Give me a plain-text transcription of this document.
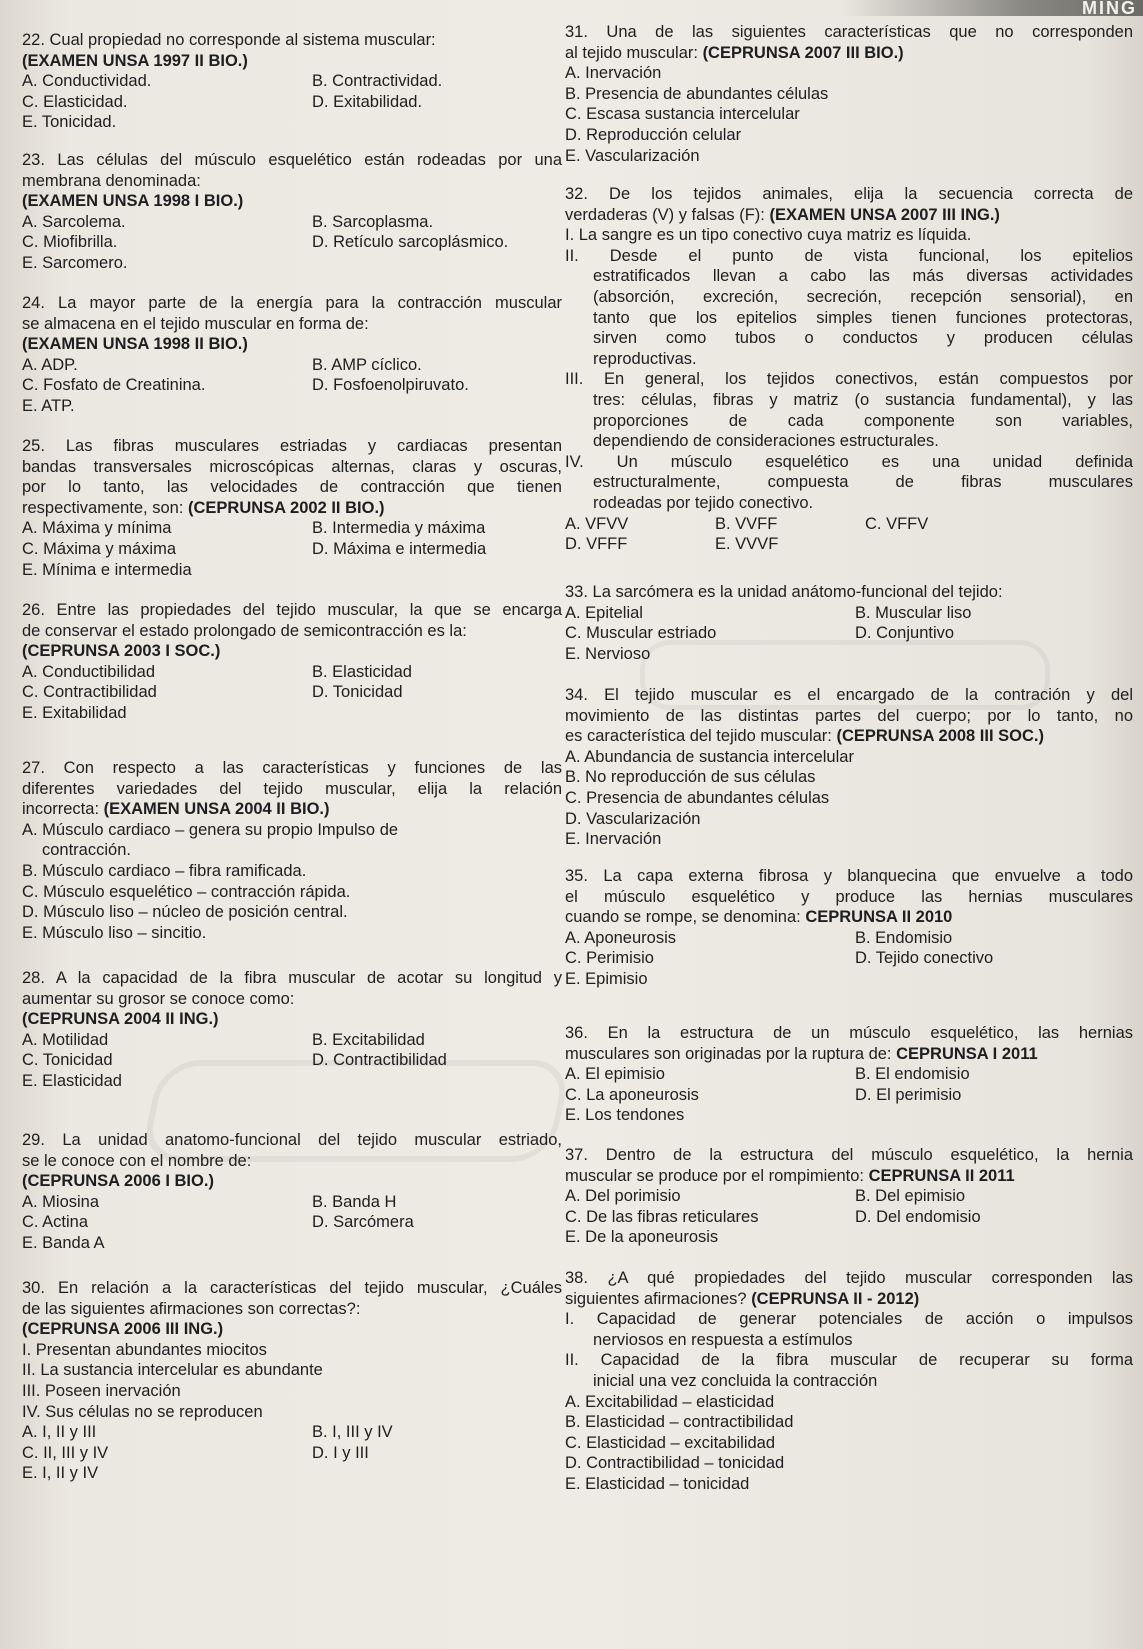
MING
22. Cual propiedad no corresponde al sistema muscular:
(EXAMEN UNSA 1997 II BIO.)
A. Conductividad.	B. Contractividad.
C. Elasticidad.	D. Exitabilidad.
E. Tonicidad.
23. Las células del músculo esquelético están rodeadas por una
membrana denominada:
(EXAMEN UNSA 1998 I BIO.)
A. Sarcolema.	B. Sarcoplasma.
C. Miofibrilla.	D. Retículo sarcoplásmico.
E. Sarcomero.
24. La mayor parte de la energía para la contracción muscular
se almacena en el tejido muscular en forma de:
(EXAMEN UNSA 1998 II BIO.)
A. ADP.	B. AMP cíclico.
C. Fosfato de Creatinina.	D. Fosfoenolpiruvato.
E. ATP.
25. Las fibras musculares estriadas y cardiacas presentan
bandas transversales microscópicas alternas, claras y oscuras,
por lo tanto, las velocidades de contracción que tienen
respectivamente, son: (CEPRUNSA 2002 II BIO.)
A. Máxima y mínima	B. Intermedia y máxima
C. Máxima y máxima	D. Máxima e intermedia
E. Mínima e intermedia
26. Entre las propiedades del tejido muscular, la que se encarga
de conservar el estado prolongado de semicontracción es la:
(CEPRUNSA 2003 I SOC.)
A. Conductibilidad	B. Elasticidad
C. Contractibilidad	D. Tonicidad
E. Exitabilidad
27. Con respecto a las características y funciones de las
diferentes variedades del tejido muscular, elija la relación
incorrecta: (EXAMEN UNSA 2004 II BIO.)
A. Músculo cardiaco – genera su propio Impulso de
contracción.
B. Músculo cardiaco – fibra ramificada.
C. Músculo esquelético – contracción rápida.
D. Músculo liso – núcleo de posición central.
E. Músculo liso – sincitio.
28. A la capacidad de la fibra muscular de acotar su longitud y
aumentar su grosor se conoce como:
(CEPRUNSA 2004 II ING.)
A. Motilidad	B. Excitabilidad
C. Tonicidad	D. Contractibilidad
E. Elasticidad
29. La unidad anatomo-funcional del tejido muscular estriado,
se le conoce con el nombre de:
(CEPRUNSA 2006 I BIO.)
A. Miosina	B. Banda H
C. Actina	D. Sarcómera
E. Banda A
30. En relación a la características del tejido muscular, ¿Cuáles
de las siguientes afirmaciones son correctas?:
(CEPRUNSA 2006 III ING.)
I. Presentan abundantes miocitos
II. La sustancia intercelular es abundante
III. Poseen inervación
IV. Sus células no se reproducen
A. I, II y III	B. I, III y IV
C. II, III y IV	D. I y III
E. I, II y IV
31. Una de las siguientes características que no corresponden
al tejido muscular: (CEPRUNSA 2007 III BIO.)
A. Inervación
B. Presencia de abundantes células
C. Escasa sustancia intercelular
D. Reproducción celular
E. Vascularización
32. De los tejidos animales, elija la secuencia correcta de
verdaderas (V) y falsas (F): (EXAMEN UNSA 2007 III ING.)
I. La sangre es un tipo conectivo cuya matriz es líquida.
II. Desde el punto de vista funcional, los epitelios
estratificados llevan a cabo las más diversas actividades
(absorción, excreción, secreción, recepción sensorial), en
tanto que los epitelios simples tienen funciones protectoras,
sirven como tubos o conductos y producen células
reproductivas.
III. En general, los tejidos conectivos, están compuestos por
tres: células, fibras y matriz (o sustancia fundamental), y las
proporciones de cada componente son variables,
dependiendo de consideraciones estructurales.
IV. Un músculo esquelético es una unidad definida
estructuralmente, compuesta de fibras musculares
rodeadas por tejido conectivo.
A. VFVV	B. VVFF	C. VFFV
D. VFFF	E. VVVF
33. La sarcómera es la unidad anátomo-funcional del tejido:
A. Epitelial	B. Muscular liso
C. Muscular estriado	D. Conjuntivo
E. Nervioso
34. El tejido muscular es el encargado de la contración y del
movimiento de las distintas partes del cuerpo; por lo tanto, no
es característica del tejido muscular: (CEPRUNSA 2008 III SOC.)
A. Abundancia de sustancia intercelular
B. No reproducción de sus células
C. Presencia de abundantes células
D. Vascularización
E. Inervación
35. La capa externa fibrosa y blanquecina que envuelve a todo
el músculo esquelético y produce las hernias musculares
cuando se rompe, se denomina: CEPRUNSA II 2010
A. Aponeurosis	B. Endomisio
C. Perimisio	D. Tejido conectivo
E. Epimisio
36. En la estructura de un músculo esquelético, las hernias
musculares son originadas por la ruptura de: CEPRUNSA I 2011
A. El epimisio	B. El endomisio
C. La aponeurosis	D. El perimisio
E. Los tendones
37. Dentro de la estructura del músculo esquelético, la hernia
muscular se produce por el rompimiento: CEPRUNSA II 2011
A. Del porimisio	B. Del epimisio
C. De las fibras reticulares	D. Del endomisio
E. De la aponeurosis
38. ¿A qué propiedades del tejido muscular corresponden las
siguientes afirmaciones? (CEPRUNSA II - 2012)
I. Capacidad de generar potenciales de acción o impulsos
nerviosos en respuesta a estímulos
II. Capacidad de la fibra muscular de recuperar su forma
inicial una vez concluida la contracción
A. Excitabilidad – elasticidad
B. Elasticidad – contractibilidad
C. Elasticidad – excitabilidad
D. Contractibilidad – tonicidad
E. Elasticidad – tonicidad
